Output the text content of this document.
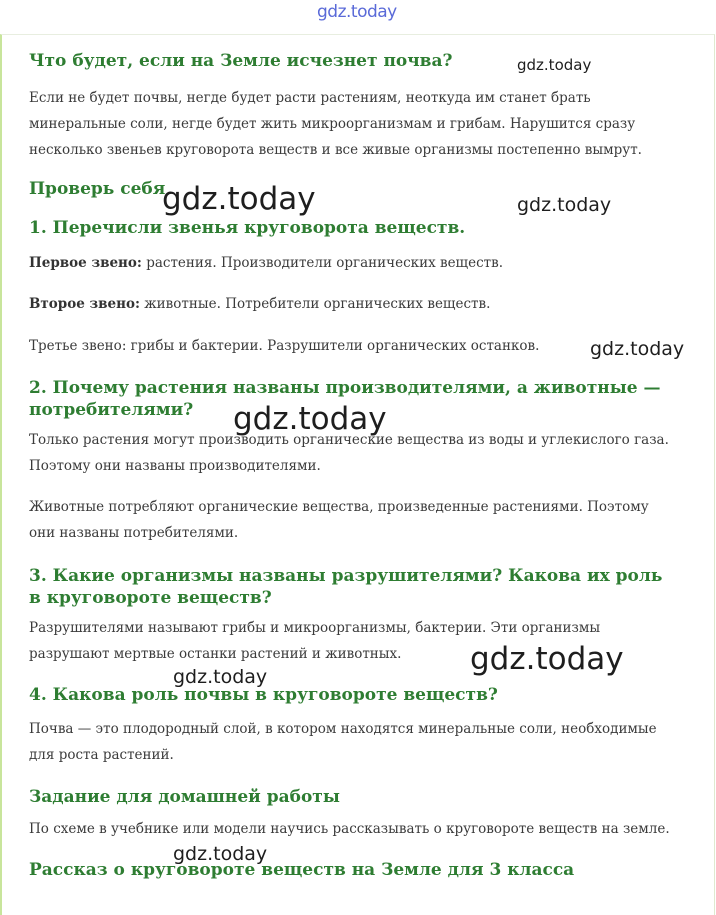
gdz.today
Что будет, если на Земле исчезнет почва?

Если не будет почвы, негде будет расти растениям, неоткуда им станет брать минеральные соли, негде будет жить микроорганизмам и грибам. Нарушится сразу несколько звеньев круговорота веществ и все живые организмы постепенно вымрут.

Проверь себя
1. Перечисли звенья круговорота веществ.

Первое звено: растения. Производители органических веществ.

Второе звено: животные. Потребители органических веществ.

Третье звено: грибы и бактерии. Разрушители органических останков.

2. Почему растения названы производителями, а животные — потребителями?

Только растения могут производить органические вещества из воды и углекислого газа. Поэтому они названы производителями.

Животные потребляют органические вещества, произведенные растениями. Поэтому они названы потребителями.

3. Какие организмы названы разрушителями? Какова их роль в круговороте веществ?

Разрушителями называют грибы и микроорганизмы, бактерии. Эти организмы разрушают мертвые останки растений и животных.

4. Какова роль почвы в круговороте веществ?

Почва — это плодородный слой, в котором находятся минеральные соли, необходимые для роста растений.

Задание для домашней работы

По схеме в учебнике или модели научись рассказывать о круговороте веществ на земле.

Рассказ о круговороте веществ на Земле для 3 класса
gdz.today
gdz.today	gdz.today
gdz.today
gdz.today
gdz.today
gdz.today
gdz.today
